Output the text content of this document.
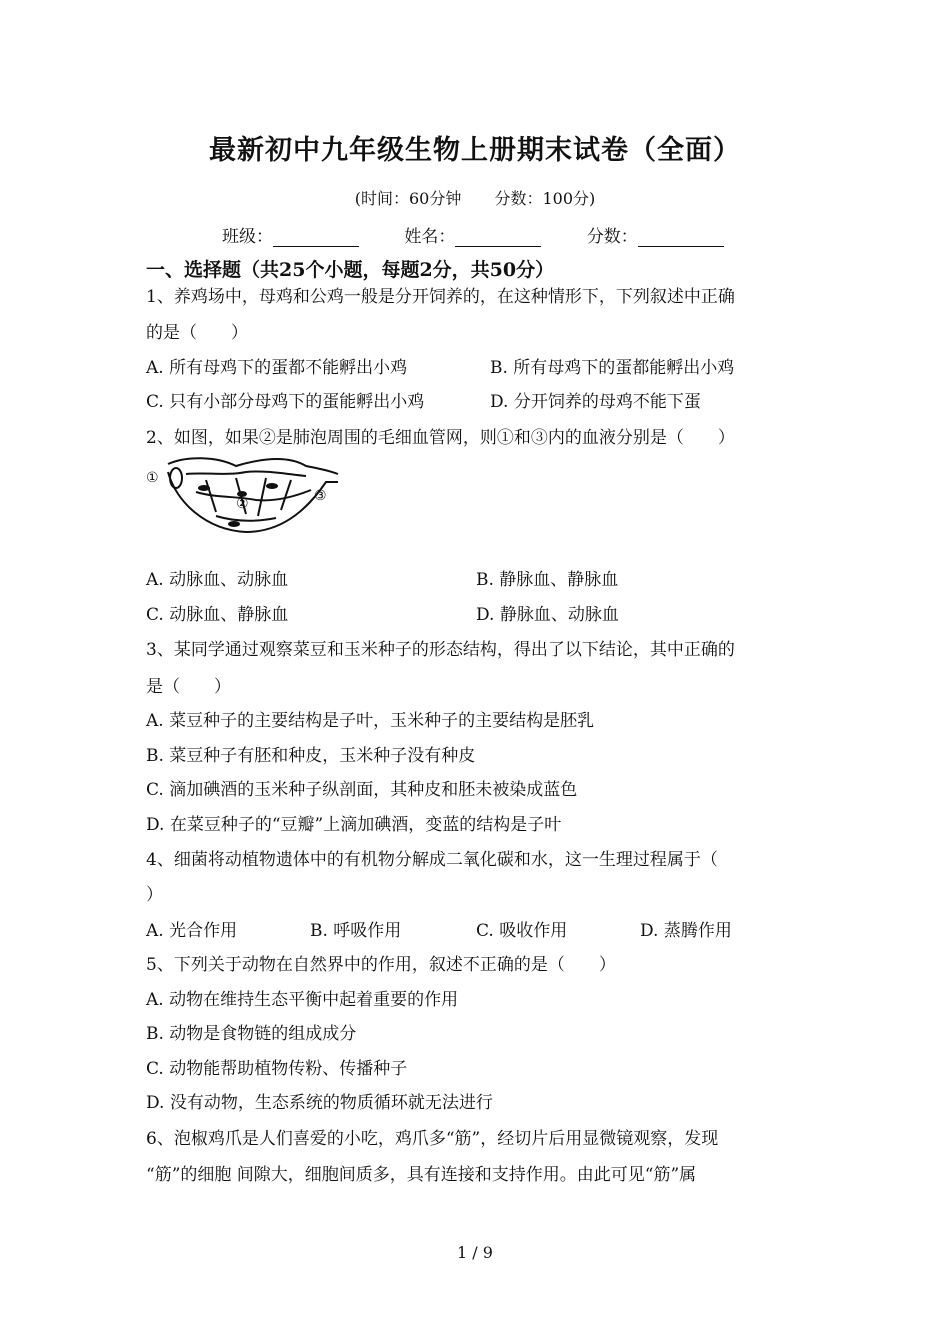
最新初中九年级生物上册期末试卷（全面）
(时间：60分钟 分数：100分)
班级：	姓名：	分数：
一、选择题（共25个小题，每题2分，共50分）
1、养鸡场中，母鸡和公鸡一般是分开饲养的，在这种情形下，下列叙述中正确
的是（　　）
A. 所有母鸡下的蛋都不能孵出小鸡	B. 所有母鸡下的蛋都能孵出小鸡
C. 只有小部分母鸡下的蛋能孵出小鸡	D. 分开饲养的母鸡不能下蛋
2、如图，如果②是肺泡周围的毛细血管网，则①和③内的血液分别是（　　）
①
②	③
A. 动脉血、动脉血	B. 静脉血、静脉血
C. 动脉血、静脉血	D. 静脉血、动脉血
3、某同学通过观察菜豆和玉米种子的形态结构，得出了以下结论，其中正确的
是（　　）
A. 菜豆种子的主要结构是子叶，玉米种子的主要结构是胚乳
B. 菜豆种子有胚和种皮，玉米种子没有种皮
C. 滴加碘酒的玉米种子纵剖面，其种皮和胚未被染成蓝色
D. 在菜豆种子的“豆瓣”上滴加碘酒，变蓝的结构是子叶
4、细菌将动植物遗体中的有机物分解成二氧化碳和水，这一生理过程属于（
）
A. 光合作用	B. 呼吸作用	C. 吸收作用	D. 蒸腾作用
5、下列关于动物在自然界中的作用，叙述不正确的是（　　）
A. 动物在维持生态平衡中起着重要的作用
B. 动物是食物链的组成成分
C. 动物能帮助植物传粉、传播种子
D. 没有动物，生态系统的物质循环就无法进行
6、泡椒鸡爪是人们喜爱的小吃，鸡爪多“筋”，经切片后用显微镜观察，发现
“筋”的细胞 间隙大，细胞间质多，具有连接和支持作用。由此可见“筋”属
1 / 9
